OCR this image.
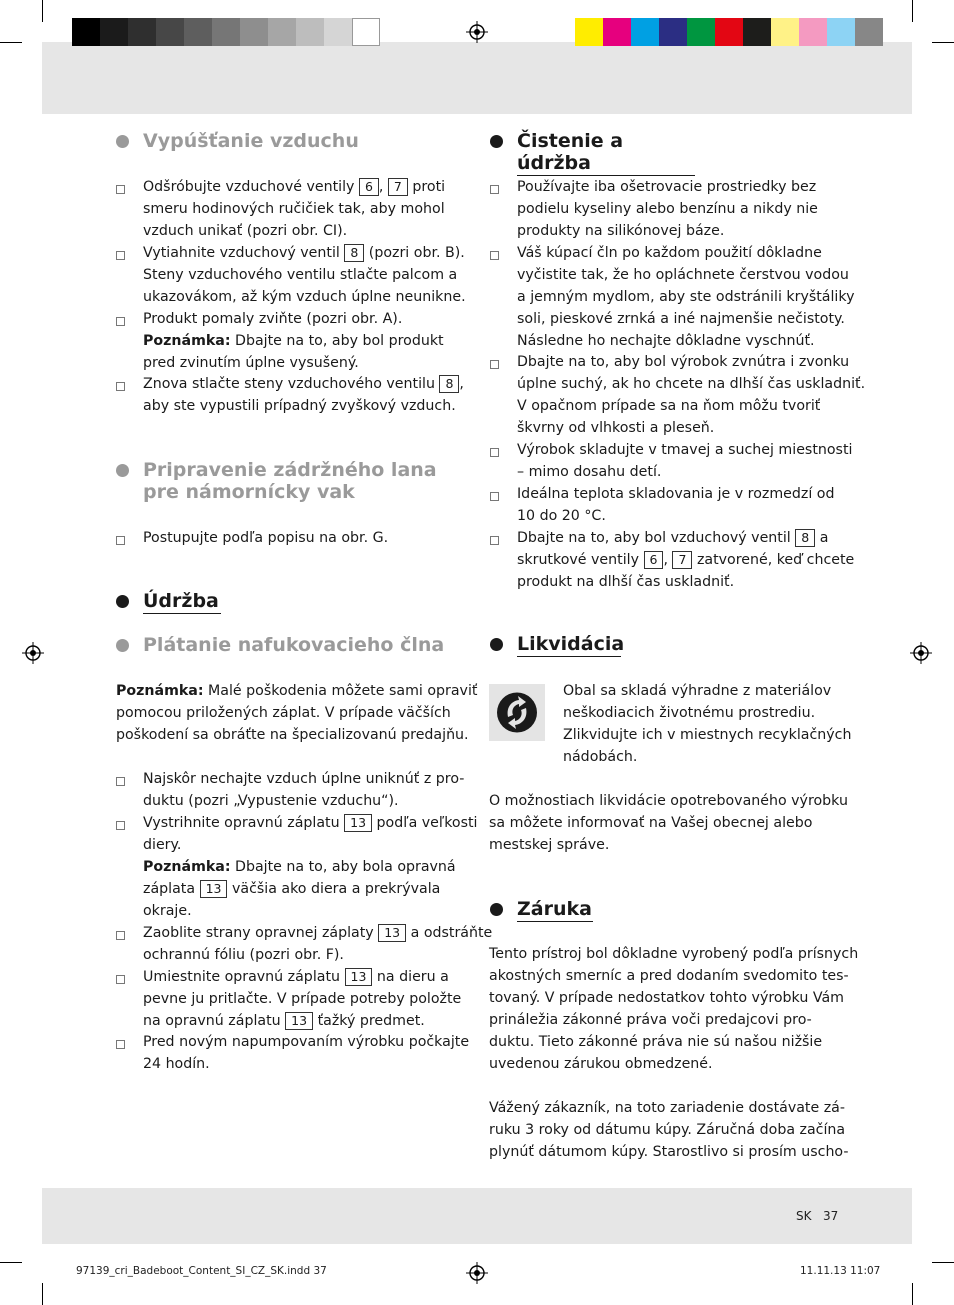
Vypúšťanie vzduchu
Odšróbujte vzduchové ventily 6 , 7 proti
smeru hodinových ručičiek tak, aby mohol
vzduch unikať (pozri obr. CI).
Vytiahnite vzduchový ventil 8 (pozri obr. B).
Steny vzduchového ventilu stlačte palcom a
ukazovákom, až kým vzduch úplne neunikne.
Produkt pomaly zviňte (pozri obr. A).
Poznámka: Dbajte na to, aby bol produkt
pred zvinutím úplne vysušený.
Znova stlačte steny vzduchového ventilu 8 ,
aby ste vypustili prípadný zvyškový vzduch.
Pripravenie zádržného lana
pre námornícky vak
Postupujte podľa popisu na obr. G.
Údržba
Plátanie nafukovacieho člna
Poznámka: Malé poškodenia môžete sami opraviť
pomocou priložených záplat. V prípade väčších
poškodení sa obráťte na špecializovanú predajňu.
Najskôr nechajte vzduch úplne uniknúť z pro-
duktu (pozri „Vypustenie vzduchu“).
Vystrihnite opravnú záplatu 13 podľa veľkosti
diery.
Poznámka: Dbajte na to, aby bola opravná
záplata 13 väčšia ako diera a prekrývala
okraje.
Zaoblite strany opravnej záplaty 13 a odstráňte
ochrannú fóliu (pozri obr. F).
Umiestnite opravnú záplatu 13 na dieru a
pevne ju pritlačte. V prípade potreby položte
na opravnú záplatu 13 ťažký predmet.
Pred novým napumpovaním výrobku počkajte
24 hodín.
Čistenie a údržba
Používajte iba ošetrovacie prostriedky bez
podielu kyseliny alebo benzínu a nikdy nie
produkty na silikónovej báze.
Váš kúpací čln po každom použití dôkladne
vyčistite tak, že ho opláchnete čerstvou vodou
a jemným mydlom, aby ste odstránili kryštáliky
soli, pieskové zrnká a iné najmenšie nečistoty.
Následne ho nechajte dôkladne vyschnúť.
Dbajte na to, aby bol výrobok zvnútra i zvonku
úplne suchý, ak ho chcete na dlhší čas uskladniť.
V opačnom prípade sa na ňom môžu tvoriť
škvrny od vlhkosti a pleseň.
Výrobok skladujte v tmavej a suchej miestnosti
– mimo dosahu detí.
Ideálna teplota skladovania je v rozmedzí od
10 do 20 °C.
Dbajte na to, aby bol vzduchový ventil 8 a
skrutkové ventily 6 , 7 zatvorené, keď chcete
produkt na dlhší čas uskladniť.
Likvidácia
Obal sa skladá výhradne z materiálov
neškodiacich životnému prostrediu.
Zlikvidujte ich v miestnych recyklačných
nádobách.
O možnostiach likvidácie opotrebovaného výrobku
sa môžete informovať na Vašej obecnej alebo
mestskej správe.
Záruka
Tento prístroj bol dôkladne vyrobený podľa prísnych
akostných smerníc a pred dodaním svedomito tes-
tovaný. V prípade nedostatkov tohto výrobku Vám
prináležia zákonné práva voči predajcovi pro-
duktu. Tieto zákonné práva nie sú našou nižšie
uvedenou zárukou obmedzené.
Vážený zákazník, na toto zariadenie dostávate zá-
ruku 3 roky od dátumu kúpy. Záručná doba začína
plynúť dátumom kúpy. Starostlivo si prosím uscho-
SK 37
97139_cri_Badeboot_Content_SI_CZ_SK.indd 37	11.11.13 11:07
